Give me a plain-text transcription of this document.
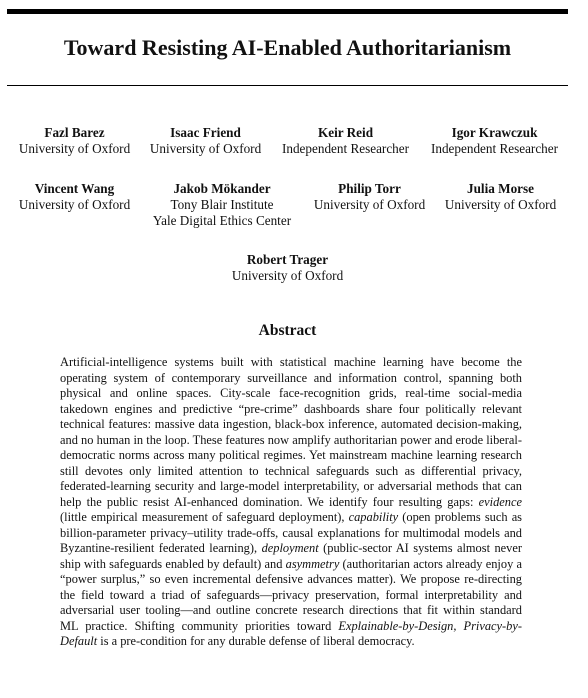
Toward Resisting AI-Enabled Authoritarianism
Fazl Barez
University of Oxford
Isaac Friend
University of Oxford
Keir Reid
Independent Researcher
Igor Krawczuk
Independent Researcher
Vincent Wang
University of Oxford
Jakob Mökander
Tony Blair Institute
Yale Digital Ethics Center
Philip Torr
University of Oxford
Julia Morse
University of Oxford
Robert Trager
University of Oxford
Abstract
Artificial-intelligence systems built with statistical machine learning have become the operating system of contemporary surveillance and information control, spanning both physical and online spaces. City-scale face-recognition grids, real-time social-media takedown engines and predictive “pre-crime” dashboards share four politically relevant technical features: massive data ingestion, black-box inference, automated decision-making, and no human in the loop. These features now amplify authoritarian power and erode liberal-democratic norms across many political regimes. Yet mainstream machine learning research still devotes only limited attention to technical safeguards such as differential privacy, federated-learning security and large-model interpretability, or adversarial methods that can help the public resist AI-enhanced domination. We identify four resulting gaps: evidence (little empirical measurement of safeguard deployment), capability (open problems such as billion-parameter privacy–utility trade-offs, causal explanations for multimodal models and Byzantine-resilient federated learning), deployment (public-sector AI systems almost never ship with safeguards enabled by default) and asymmetry (authoritarian actors already enjoy a “power surplus,” so even incremental defensive advances matter). We propose re-directing the field toward a triad of safeguards—privacy preservation, formal interpretability and adversarial user tooling—and outline concrete research directions that fit within standard ML practice. Shifting community priorities toward Explainable-by-Design, Privacy-by-Default is a pre-condition for any durable defense of liberal democracy.
